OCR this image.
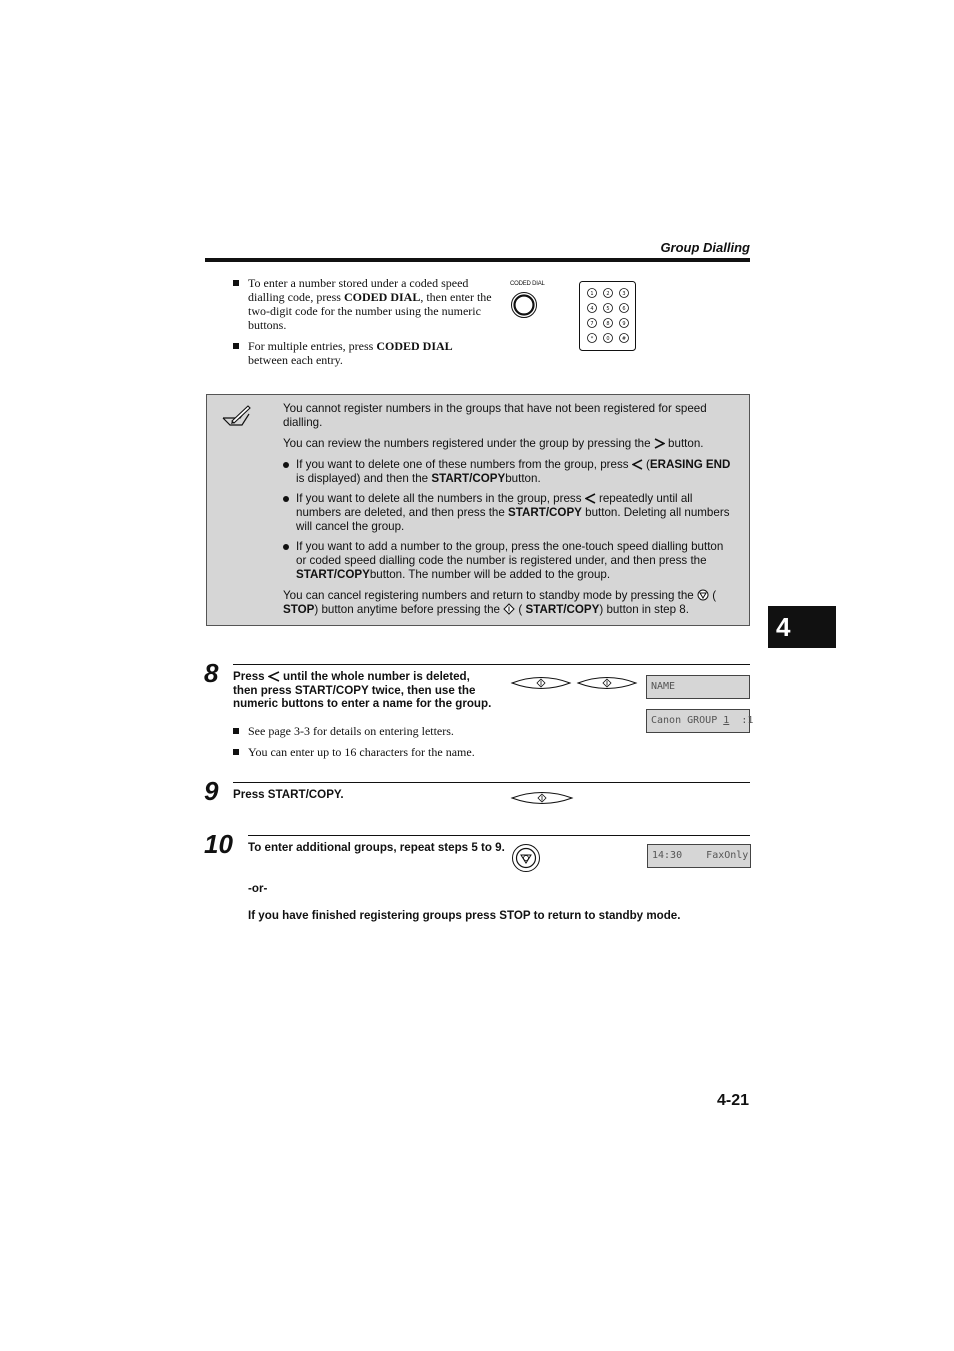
Group Dialling
To enter a number stored under a coded speed dialling code, press CODED DIAL, then enter the two-digit code for the number using the numeric buttons.
For multiple entries, press CODED DIAL between each entry.
CODED DIAL
1	2	3
4	5	6
7	8	9
*	0 #

You cannot register numbers in the groups that have not been registered for speed dialling.

You can review the numbers registered under the group by pressing the button.

If you want to delete one of these numbers from the group, press (ERASING END is displayed) and then the START/COPYbutton.
If you want to delete all the numbers in the group, press  repeatedly until all numbers are deleted, and then press the START/COPY button. Deleting all numbers will cancel the group.
If you want to add a number to the group, press the one-touch speed dialling button or coded speed dialling code the number is registered under, and then press the START/COPYbutton. The number will be added to the group.

You can cancel registering numbers and return to standby mode by pressing the  ( STOP) button anytime before pressing the  ( START/COPY) button in step 8.

4
8 Press  until the whole number is deleted,
then press START/COPY twice, then use the
numeric buttons to enter a name for the group.
See page 3-3 for details on entering letters.
You can enter up to 16 characters for the name.
NAME
Canon GROUP 1  :1
9 Press START/COPY.
10 To enter additional groups, repeat steps 5 to 9.
-or-
If you have finished registering groups press STOP to return to standby mode.
14:30    FaxOnly
4-21
